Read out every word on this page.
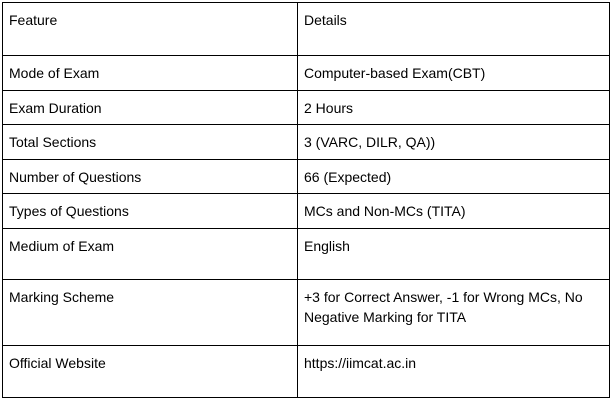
Feature	Details
Mode of Exam	Computer-based Exam(CBT)
Exam Duration	2 Hours
Total Sections	3 (VARC, DILR, QA))
Number of Questions	66 (Expected)
Types of Questions	MCs and Non-MCs (TITA)
Medium of Exam	English
Marking Scheme	+3 for Correct Answer, -1 for Wrong MCs, No Negative Marking for TITA
Official Website	https://iimcat.ac.in
